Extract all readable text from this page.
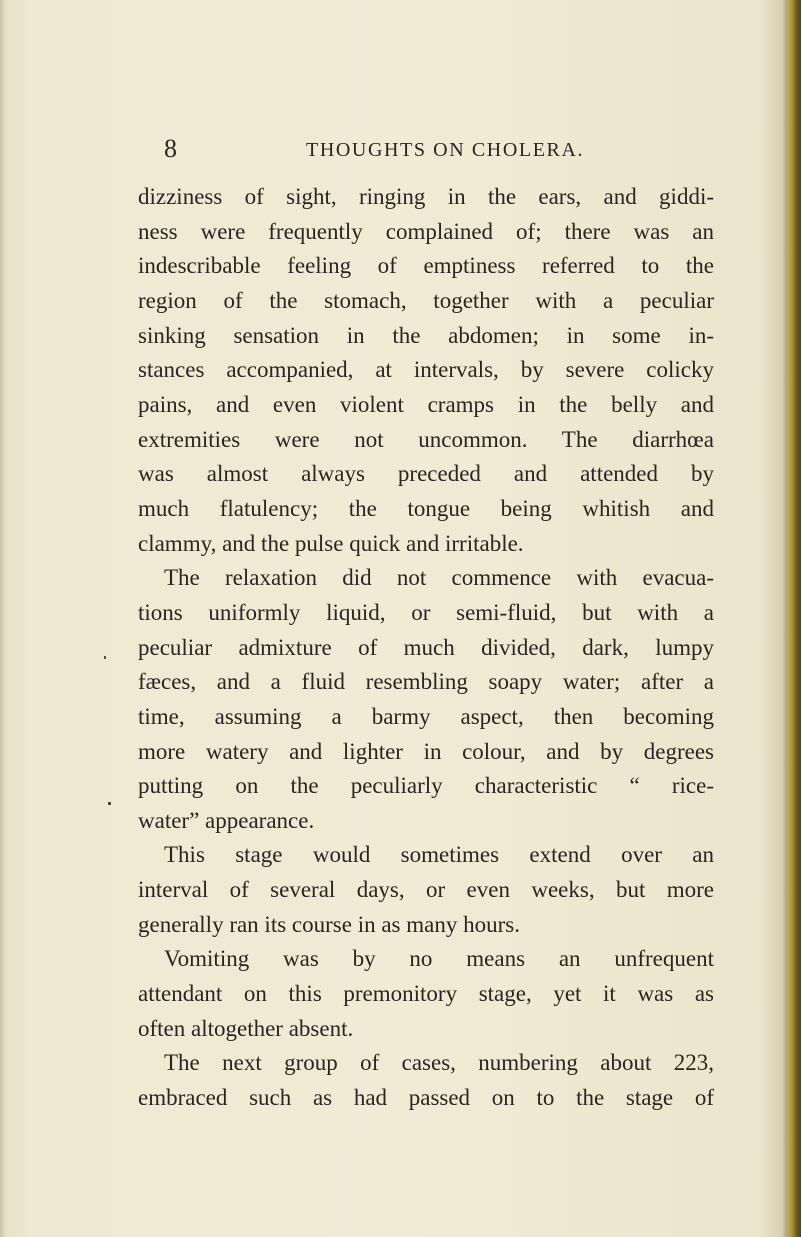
8	THOUGHTS ON CHOLERA.
dizziness of sight, ringing in the ears, and giddi-
ness were frequently complained of; there was an
indescribable feeling of emptiness referred to the
region of the stomach, together with a peculiar
sinking sensation in the abdomen; in some in-
stances accompanied, at intervals, by severe colicky
pains, and even violent cramps in the belly and
extremities were not uncommon. The diarrhœa
was almost always preceded and attended by
much flatulency; the tongue being whitish and
clammy, and the pulse quick and irritable.
The relaxation did not commence with evacua-
tions uniformly liquid, or semi-fluid, but with a
peculiar admixture of much divided, dark, lumpy
fæces, and a fluid resembling soapy water; after a
time, assuming a barmy aspect, then becoming
more watery and lighter in colour, and by degrees
putting on the peculiarly characteristic “ rice-
water” appearance.
This stage would sometimes extend over an
interval of several days, or even weeks, but more
generally ran its course in as many hours.
Vomiting was by no means an unfrequent
attendant on this premonitory stage, yet it was as
often altogether absent.
The next group of cases, numbering about 223,
embraced such as had passed on to the stage of
